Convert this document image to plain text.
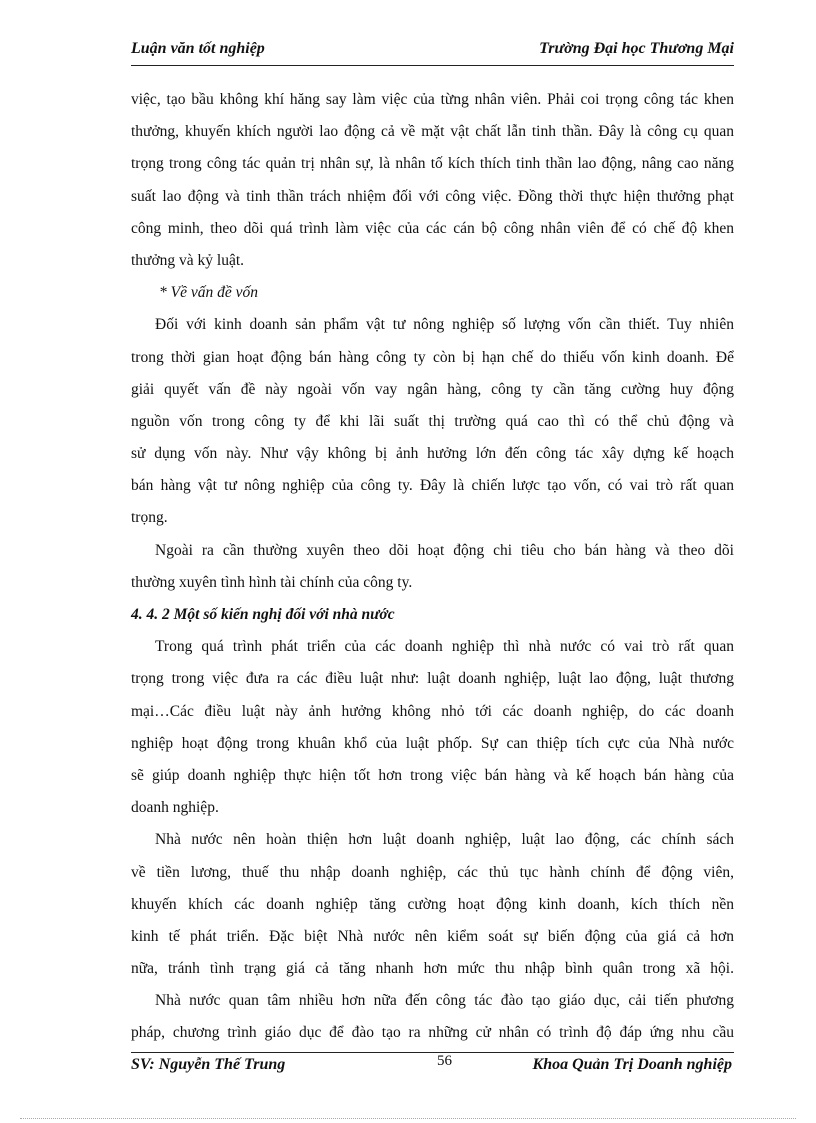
Luận văn tốt nghiệp	Trường Đại học Thương Mại
việc, tạo bầu không khí hăng say làm việc của từng nhân viên. Phải coi trọng công tác khen
thưởng, khuyến khích người lao động cả về mặt vật chất lẫn tinh thần. Đây là công cụ quan
trọng trong công tác quản trị nhân sự, là nhân tố kích thích tinh thần lao động, nâng cao năng
suất lao động và tinh thần trách nhiệm đối với công việc. Đồng thời thực hiện thưởng phạt
công minh, theo dõi quá trình làm việc của các cán bộ công nhân viên để có chế độ khen
thưởng và kỷ luật.
* Về vấn đề vốn
Đối với kinh doanh sản phẩm vật tư nông nghiệp số lượng vốn cần thiết. Tuy nhiên
trong thời gian hoạt động bán hàng công ty còn bị hạn chế do thiếu vốn kinh doanh. Để
giải quyết vấn đề này ngoài vốn vay ngân hàng, công ty cần tăng cường huy động
nguồn vốn trong công ty để khi lãi suất thị trường quá cao thì có thể chủ động và
sử dụng vốn này. Như vậy không bị ảnh hưởng lớn đến công tác xây dựng kế hoạch
bán hàng vật tư nông nghiệp của công ty. Đây là chiến lược tạo vốn, có vai trò rất quan
trọng.
Ngoài ra cần thường xuyên theo dõi hoạt động chi tiêu cho bán hàng và theo dõi
thường xuyên tình hình tài chính của công ty.
4. 4. 2 Một số kiến nghị đối với nhà nước
Trong quá trình phát triển của các doanh nghiệp thì nhà nước có vai trò rất quan
trọng trong việc đưa ra các điều luật như: luật doanh nghiệp, luật lao động, luật thương
mại…Các điều luật này ảnh hưởng không nhỏ tới các doanh nghiệp, do các doanh
nghiệp hoạt động trong khuân khổ của luật phốp. Sự can thiệp tích cực của Nhà nước
sẽ giúp doanh nghiệp thực hiện tốt hơn trong việc bán hàng và kế hoạch bán hàng của
doanh nghiệp.
Nhà nước nên hoàn thiện hơn luật doanh nghiệp, luật lao động, các chính sách
về tiền lương, thuế thu nhập doanh nghiệp, các thủ tục hành chính để động viên,
khuyến khích các doanh nghiệp tăng cường hoạt động kinh doanh, kích thích nền
kinh tế phát triển. Đặc biệt Nhà nước nên kiểm soát sự biến động của giá cả hơn
nữa, tránh tình trạng giá cả tăng nhanh hơn mức thu nhập bình quân trong xã hội.
Nhà nước quan tâm nhiều hơn nữa đến công tác đào tạo giáo dục, cải tiến phương
pháp, chương trình giáo dục để đào tạo ra những cử nhân có trình độ đáp ứng nhu cầu
SV: Nguyễn Thế Trung	56	Khoa Quản Trị Doanh nghiệp
